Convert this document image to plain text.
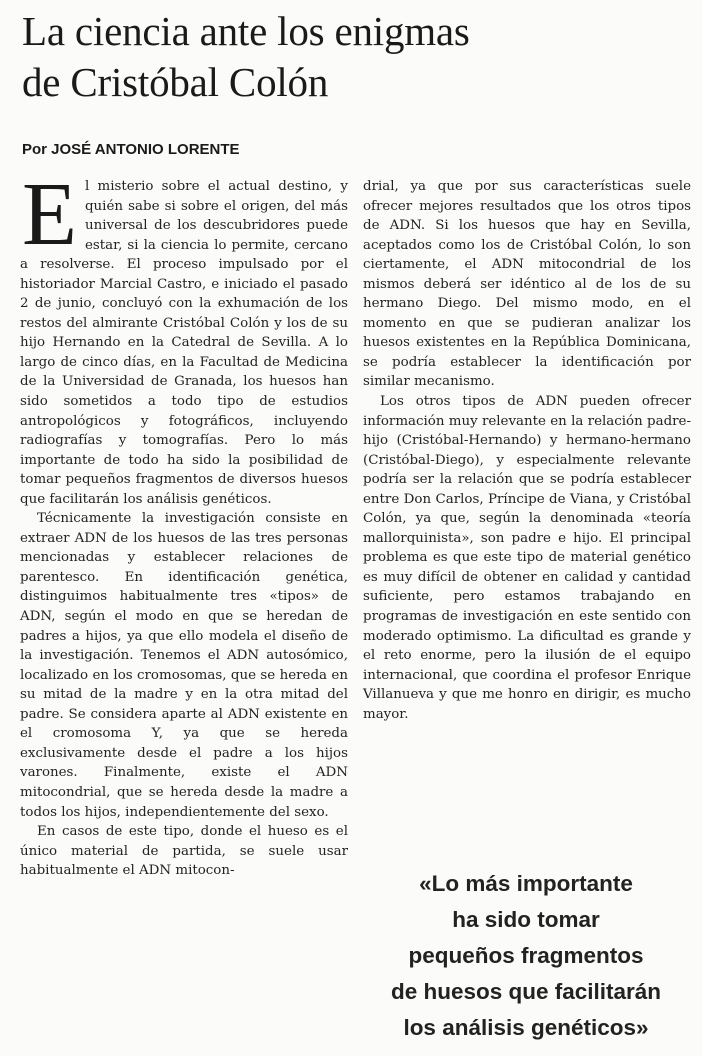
La ciencia ante los enigmas
de Cristóbal Colón
Por JOSÉ ANTONIO LORENTE

El misterio sobre el actual destino, y quién sabe si sobre el origen, del más universal de los descubridores puede estar, si la ciencia lo permite, cercano a resolverse. El proceso impulsado por el historiador Marcial Castro, e iniciado el pasado 2 de junio, concluyó con la exhumación de los restos del almirante Cristóbal Colón y los de su hijo Hernando en la Catedral de Sevilla. A lo largo de cinco días, en la Facultad de Medicina de la Universidad de Granada, los huesos han sido sometidos a todo tipo de estudios antropológicos y fotográficos, incluyendo radiografías y tomografías. Pero lo más importante de todo ha sido la posibilidad de tomar pequeños fragmentos de diversos huesos que facilitarán los análisis genéticos.

Técnicamente la investigación consiste en extraer ADN de los huesos de las tres personas mencionadas y establecer relaciones de parentesco. En identificación genética, distinguimos habitualmente tres «tipos» de ADN, según el modo en que se heredan de padres a hijos, ya que ello modela el diseño de la investigación. Tenemos el ADN autosómico, localizado en los cromosomas, que se hereda en su mitad de la madre y en la otra mitad del padre. Se considera aparte al ADN existente en el cromosoma Y, ya que se hereda exclusivamente desde el padre a los hijos varones. Finalmente, existe el ADN mitocondrial, que se hereda desde la madre a todos los hijos, independientemente del sexo.

En casos de este tipo, donde el hueso es el único material de partida, se suele usar habitualmente el ADN mitocon-

drial, ya que por sus características suele ofrecer mejores resultados que los otros tipos de ADN. Si los huesos que hay en Sevilla, aceptados como los de Cristóbal Colón, lo son ciertamente, el ADN mitocondrial de los mismos deberá ser idéntico al de los de su hermano Diego. Del mismo modo, en el momento en que se pudieran analizar los huesos existentes en la República Dominicana, se podría establecer la identificación por similar mecanismo.

Los otros tipos de ADN pueden ofrecer información muy relevante en la relación padre-hijo (Cristóbal-Hernando) y hermano-hermano (Cristóbal-Diego), y especialmente relevante podría ser la relación que se podría establecer entre Don Carlos, Príncipe de Viana, y Cristóbal Colón, ya que, según la denominada «teoría mallorquinista», son padre e hijo. El principal problema es que este tipo de material genético es muy difícil de obtener en calidad y cantidad suficiente, pero estamos trabajando en programas de investigación en este sentido con moderado optimismo. La dificultad es grande y el reto enorme, pero la ilusión de el equipo internacional, que coordina el profesor Enrique Villanueva y que me honro en dirigir, es mucho mayor.

«Lo más importante
ha sido tomar
pequeños fragmentos
de huesos que facilitarán
los análisis genéticos»
